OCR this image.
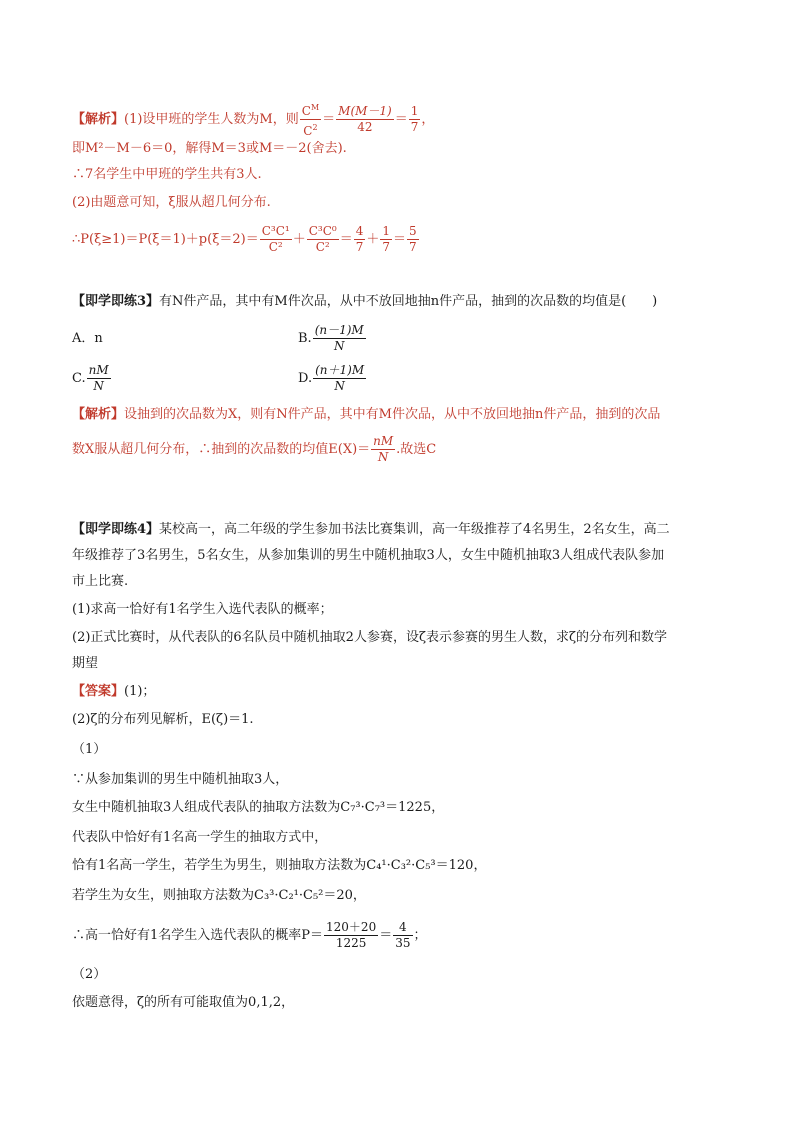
【解析】(1)设甲班的学生人数为M，则 $\frac{C^M}{C^2} = \frac{M(M-1)}{42} = \frac{1}{7}$ ，
即M²－M－6＝0，解得M＝3或M＝－2(舍去).
∴7名学生中甲班的学生共有3人.
(2)由题意可知，ξ服从超几何分布.
∴P(ξ≥1)＝P(ξ＝1)＋p(ξ＝2)＝ $\frac{\text{C³C¹}}{\text{C²}} + \frac{\text{C³C⁰}}{\text{C²}} = \frac{4}{7} + \frac{1}{7} = \frac{5}{7}$
【即学即练3】有N件产品，其中有M件次品，从中不放回地抽n件产品，抽到的次品数的均值是(　　)
A．n	B. $\frac{(n-1)M}{N}$
C. $\frac{nM}{N}$	D. $\frac{(n+1)M}{N}$
【解析】设抽到的次品数为X，则有N件产品，其中有M件次品，从中不放回地抽n件产品，抽到的次品
数X服从超几何分布，∴抽到的次品数的均值$E(X)= \frac{nM}{N}$ .故选C
【即学即练4】某校高一，高二年级的学生参加书法比赛集训，高一年级推荐了4名男生，2名女生，高二
年级推荐了3名男生，5名女生，从参加集训的男生中随机抽取3人，女生中随机抽取3人组成代表队参加
市上比赛.
(1)求高一恰好有1名学生入选代表队的概率；
(2)正式比赛时，从代表队的6名队员中随机抽取2人参赛，设ζ表示参赛的男生人数，求ζ的分布列和数学
期望
【答案】(1)；
(2)ζ的分布列见解析，E(ζ)＝1.
（1）
∵从参加集训的男生中随机抽取3人，
女生中随机抽取3人组成代表队的抽取方法数为C₇³·C₇³＝1225，
代表队中恰好有1名高一学生的抽取方式中，
恰有1名高一学生，若学生为男生，则抽取方法数为C₄¹·C₃²·C₅³＝120，
若学生为女生，则抽取方法数为C₃³·C₂¹·C₅²＝20，
∴高一恰好有1名学生入选代表队的概率$P= \frac{120+20}{1225} = \frac{4}{35}$ ；
（2）
依题意得，ζ的所有可能取值为0,1,2，
